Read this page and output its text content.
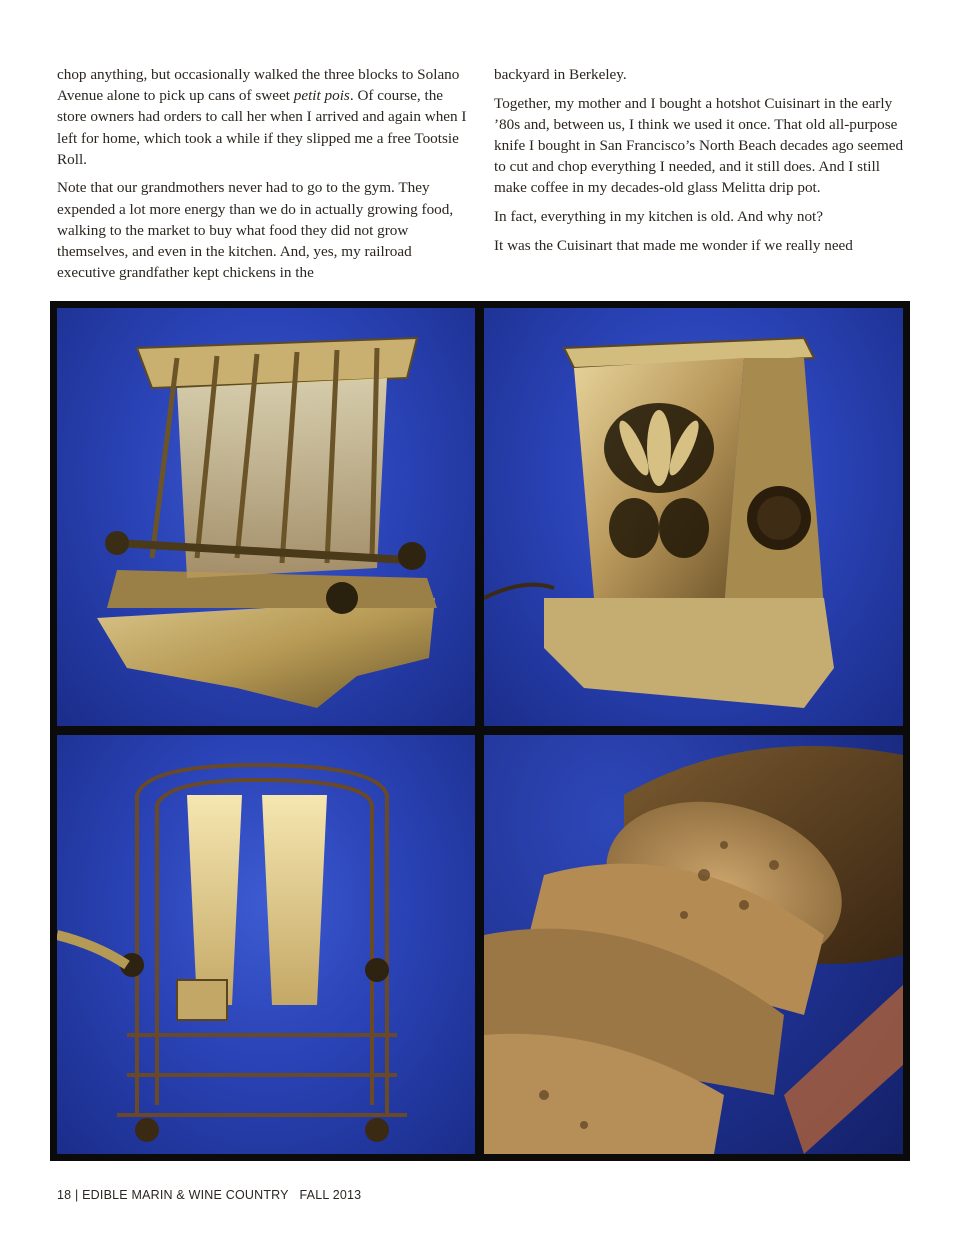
chop anything, but occasionally walked the three blocks to Solano Avenue alone to pick up cans of sweet petit pois. Of course, the store owners had orders to call her when I arrived and again when I left for home, which took a while if they slipped me a free Tootsie Roll.

Note that our grandmothers never had to go to the gym. They expended a lot more energy than we do in actually growing food, walking to the market to buy what food they did not grow themselves, and even in the kitchen. And, yes, my railroad executive grandfather kept chickens in the

backyard in Berkeley.

Together, my mother and I bought a hotshot Cuisinart in the early ’80s and, between us, I think we used it once. That old all-purpose knife I bought in San Francisco’s North Beach decades ago seemed to cut and chop everything I needed, and it still does. And I still make coffee in my decades-old glass Melitta drip pot.

In fact, everything in my kitchen is old. And why not?

It was the Cuisinart that made me wonder if we really need

18 | EDIBLE MARIN & WINE COUNTRY FALL 2013
